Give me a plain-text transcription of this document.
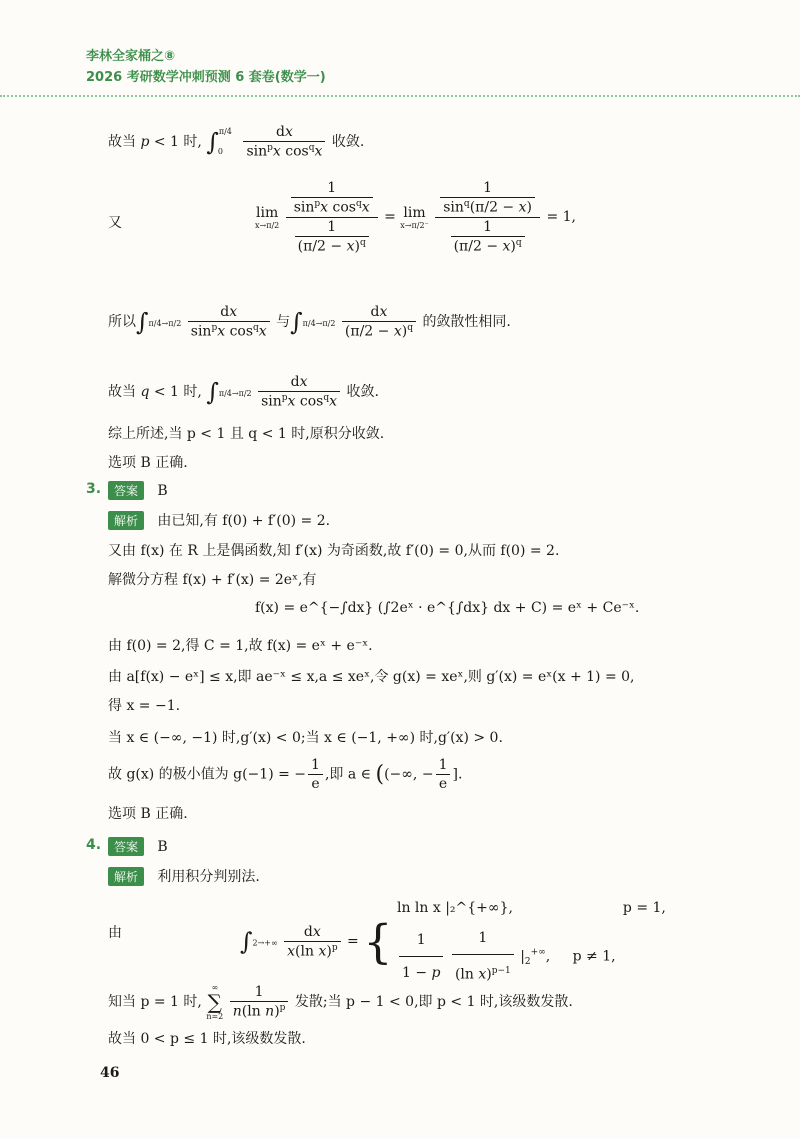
李林全家桶之⑧
2026 考研数学冲刺预测 6 套卷(数学一)
故当 p < 1 时, $\int^{\pi/4}_0 \frac{dx}{\sin^px \cos^qx}$ 收敛.
又
lim
x→π/2
$\frac{\frac{1}{\sin^px \cos^qx}}{\frac{1}{(\pi/2 - x)^q}} = \lim$
x→π/2⁻
$\frac{\frac{1}{\sin^q(\pi/2 - x)}}{\frac{1}{(\pi/2 - x)^q}} = 1$,
所以$\int\pi/4\to\pi/2 \frac{dx}{\sin^px \cos^qx}$ 与$\int\pi/4\to\pi/2 \frac{dx}{(\pi/2 - x)^q}$ 的敛散性相同.
故当 q < 1 时, $\int\pi/4\to\pi/2 \frac{dx}{\sin^px \cos^qx}$ 收敛.
综上所述,当 p < 1 且 q < 1 时,原积分收敛.
选项 B 正确.
3.	答案 B
解析 由已知,有 f(0) + f′(0) = 2.
又由 f(x) 在 R 上是偶函数,知 f′(x) 为奇函数,故 f′(0) = 0,从而 f(0) = 2.
解微分方程 f(x) + f′(x) = 2eˣ,有
f(x) = e^{−∫dx} (∫2eˣ · e^{∫dx} dx + C) = eˣ + Ce⁻ˣ.
由 f(0) = 2,得 C = 1,故 f(x) = eˣ + e⁻ˣ.
由 a[f(x) − eˣ] ≤ x,即 ae⁻ˣ ≤ x,a ≤ xeˣ,令 g(x) = xeˣ,则 g′(x) = eˣ(x + 1) = 0,
得 x = −1.
当 x ∈ (−∞, −1) 时,g′(x) < 0;当 x ∈ (−1, +∞) 时,g′(x) > 0.
故 g(x) 的极小值为 g(−1) = − $\frac{1}{e}$ ,即 a ∈ ((−∞, − $\frac{1}{e}$ ].
选项 B 正确.
4.	答案 B
解析 利用积分判别法.
由	$\int 2\to+\infty \frac{dx}{x(\ln x)^p}$ = { ln ln x |₂^{+∞},	p = 1,

$\frac{1}{1 - p}$
$\frac{1}{(\ln x)^{p-1}} |_2^{+\infty}$, p ≠ 1,
知当 p = 1 时, ∞
∑
$n=2 \frac{1}{n(\ln n)^p}$ 发散;当 p − 1 < 0,即 p < 1 时,该级数发散.
故当 0 < p ≤ 1 时,该级数发散.
46
